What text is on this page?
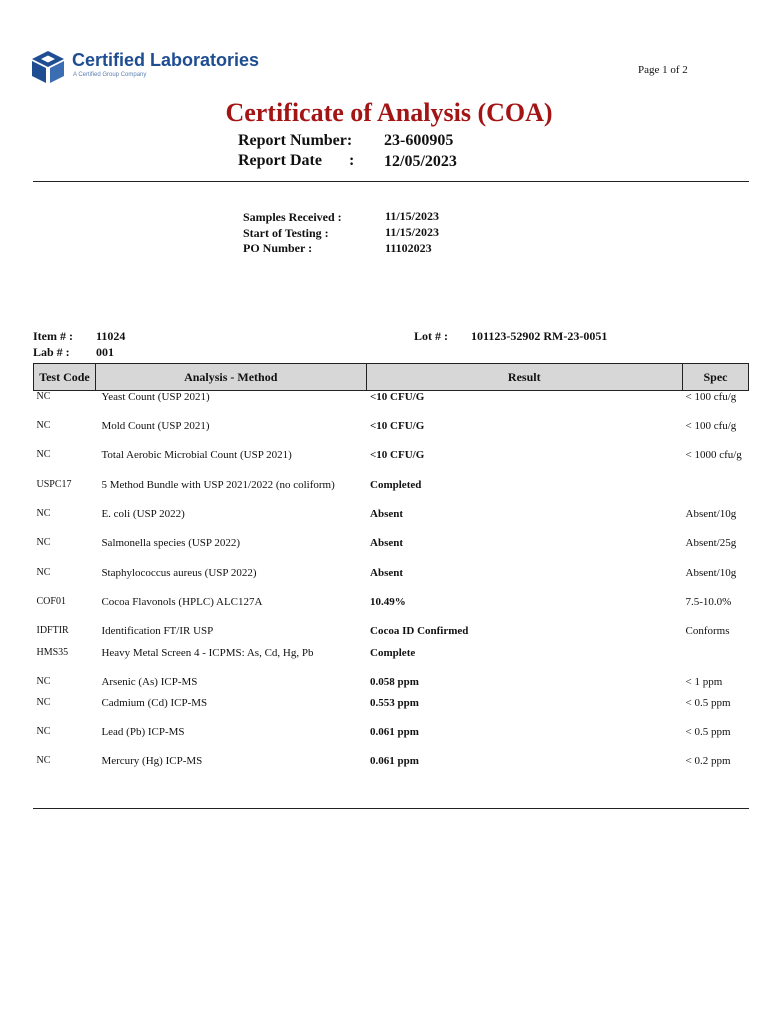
Certified Laboratories
A Certified Group Company	Page 1 of 2
Certificate of Analysis (COA)
Report Number: 23-600905
Report Date : 12/05/2023
Samples Received :	11/15/2023
Start of Testing :	11/15/2023
PO Number :	11102023
Item # : 11024
Lab # : 001
Lot # : 101123-52902 RM-23-0051
Test Code	Analysis - Method	Result	Spec
NC	Yeast Count (USP 2021)	<10 CFU/G	< 100 cfu/g
NC	Mold Count (USP 2021)	<10 CFU/G	< 100 cfu/g
NC	Total Aerobic Microbial Count (USP 2021)	<10 CFU/G	< 1000 cfu/g
USPC17	5 Method Bundle with USP 2021/2022 (no coliform)	Completed	
NC	E. coli (USP 2022)	Absent	Absent/10g
NC	Salmonella species (USP 2022)	Absent	Absent/25g
NC	Staphylococcus aureus (USP 2022)	Absent	Absent/10g
COF01	Cocoa Flavonols (HPLC) ALC127A	10.49%	7.5-10.0%
IDFTIR	Identification FT/IR USP	Cocoa ID Confirmed	Conforms
HMS35	Heavy Metal Screen 4 - ICPMS: As, Cd, Hg, Pb	Complete	
NC	Arsenic (As) ICP-MS	0.058 ppm	< 1 ppm
NC	Cadmium (Cd) ICP-MS	0.553 ppm	< 0.5 ppm
NC	Lead (Pb) ICP-MS	0.061 ppm	< 0.5 ppm
NC	Mercury (Hg) ICP-MS	0.061 ppm	< 0.2 ppm
